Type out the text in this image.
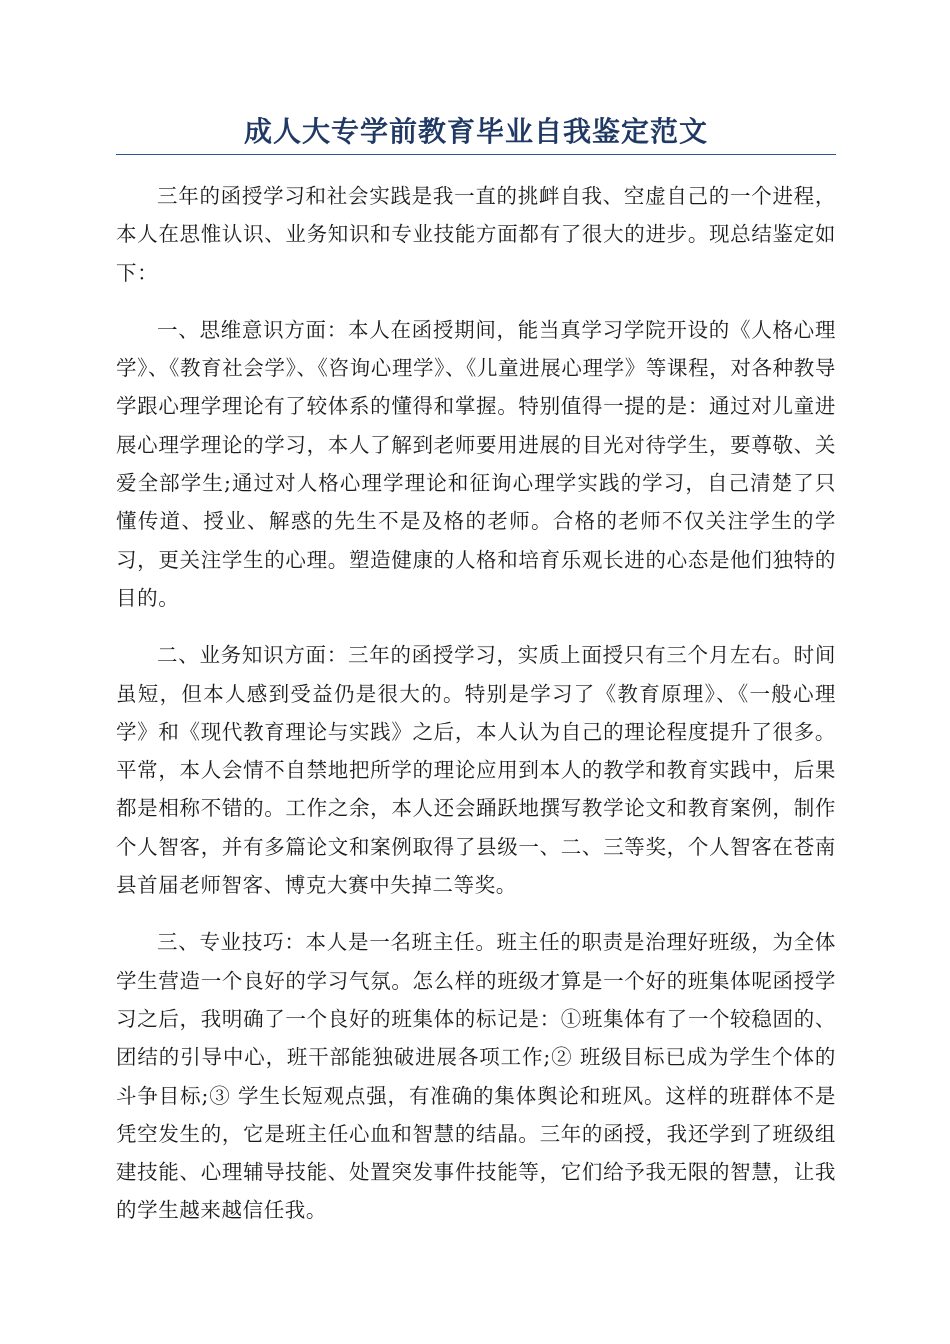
成人大专学前教育毕业自我鉴定范文

三年的函授学习和社会实践是我一直的挑衅自我、空虚自己的一个进程，本人在思惟认识、业务知识和专业技能方面都有了很大的进步。现总结鉴定如下：

一、思维意识方面：本人在函授期间，能当真学习学院开设的《人格心理学》、《教育社会学》、《咨询心理学》、《儿童进展心理学》等课程，对各种教导学跟心理学理论有了较体系的懂得和掌握。特别值得一提的是：通过对儿童进展心理学理论的学习，本人了解到老师要用进展的目光对待学生，要尊敬、关爱全部学生;通过对人格心理学理论和征询心理学实践的学习，自己清楚了只懂传道、授业、解惑的先生不是及格的老师。合格的老师不仅关注学生的学习，更关注学生的心理。塑造健康的人格和培育乐观长进的心态是他们独特的目的。

二、业务知识方面：三年的函授学习，实质上面授只有三个月左右。时间虽短，但本人感到受益仍是很大的。特别是学习了《教育原理》、《一般心理学》和《现代教育理论与实践》之后，本人认为自己的理论程度提升了很多。平常，本人会情不自禁地把所学的理论应用到本人的教学和教育实践中，后果都是相称不错的。工作之余，本人还会踊跃地撰写教学论文和教育案例，制作个人智客，并有多篇论文和案例取得了县级一、二、三等奖，个人智客在苍南县首届老师智客、博克大赛中失掉二等奖。

三、专业技巧：本人是一名班主任。班主任的职责是治理好班级，为全体学生营造一个良好的学习气氛。怎么样的班级才算是一个好的班集体呢函授学习之后，我明确了一个良好的班集体的标记是：①班集体有了一个较稳固的、团结的引导中心，班干部能独破进展各项工作;② 班级目标已成为学生个体的斗争目标;③ 学生长短观点强，有准确的集体舆论和班风。这样的班群体不是凭空发生的，它是班主任心血和智慧的结晶。三年的函授，我还学到了班级组建技能、心理辅导技能、处置突发事件技能等，它们给予我无限的智慧，让我的学生越来越信任我。
